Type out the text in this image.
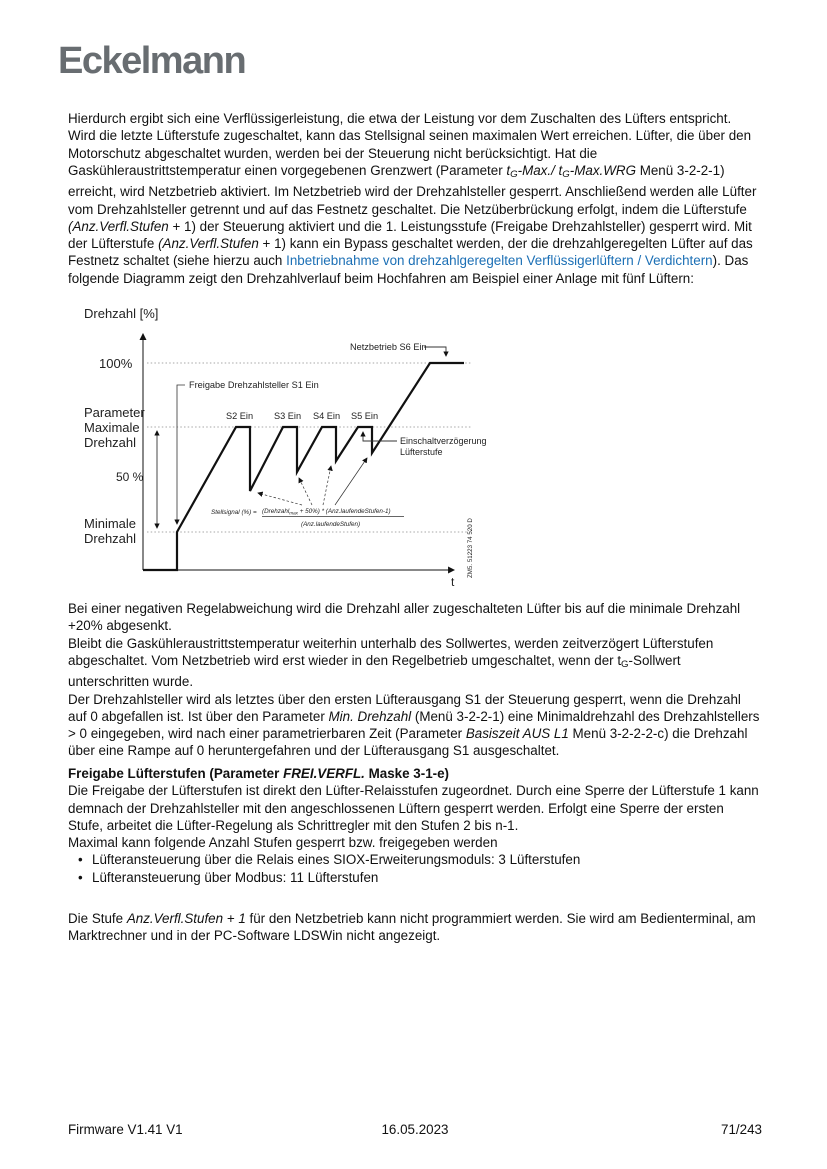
Eckelmann

Hierdurch ergibt sich eine Verflüssigerleistung, die etwa der Leistung vor dem Zuschalten des Lüfters entspricht. Wird die letzte Lüfterstufe zugeschaltet, kann das Stellsignal seinen maximalen Wert erreichen. Lüfter, die über den Motorschutz abgeschaltet wurden, werden bei der Steuerung nicht berücksichtigt. Hat die Gaskühleraustrittstemperatur einen vorgegebenen Grenzwert (Parameter tG-Max./ tG-Max.WRG Menü 3-2-2-1) erreicht, wird Netzbetrieb aktiviert. Im Netzbetrieb wird der Drehzahlsteller gesperrt. Anschließend werden alle Lüfter vom Drehzahlsteller getrennt und auf das Festnetz geschaltet. Die Netzüberbrückung erfolgt, indem die Lüfterstufe (Anz.Verfl.Stufen + 1) der Steuerung aktiviert und die 1. Leistungsstufe (Freigabe Drehzahlsteller) gesperrt wird. Mit der Lüfterstufe (Anz.Verfl.Stufen + 1) kann ein Bypass geschaltet werden, der die drehzahlgeregelten Lüfter auf das Festnetz schaltet (siehe hierzu auch Inbetriebnahme von drehzahlgeregelten Verflüssigerlüftern / Verdichtern). Das folgende Diagramm zeigt den Drehzahlverlauf beim Hochfahren am Beispiel einer Anlage mit fünf Lüftern:

Drehzahl [%]
100%
Parameter
Maximale
Drehzahl
50 %
Minimale
Drehzahl
Freigabe Drehzahlsteller S1 Ein
Netzbetrieb S6 Ein
S2 Ein S3 Ein S4 Ein S5 Ein
Einschaltverzögerung
Lüfterstufe
t
Stellsignal (%) = (Drehzahl$_{max}$ + 50%) * (Anz.laufendeStufen-1)
(Anz.laufendeStufen)	ZM5. 51223 74 520 D

Bei einer negativen Regelabweichung wird die Drehzahl aller zugeschalteten Lüfter bis auf die minimale Drehzahl +20% abgesenkt.

Bleibt die Gaskühleraustrittstemperatur weiterhin unterhalb des Sollwertes, werden zeitverzögert Lüfterstufen abgeschaltet. Vom Netzbetrieb wird erst wieder in den Regelbetrieb umgeschaltet, wenn der tG-Sollwert unterschritten wurde.

Der Drehzahlsteller wird als letztes über den ersten Lüfterausgang S1 der Steuerung gesperrt, wenn die Drehzahl auf 0 abgefallen ist. Ist über den Parameter Min. Drehzahl (Menü 3-2-2-1) eine Minimaldrehzahl des Drehzahlstellers > 0 eingegeben, wird nach einer parametrierbaren Zeit (Parameter Basiszeit AUS L1 Menü 3-2-2-2-c) die Drehzahl über eine Rampe auf 0 heruntergefahren und der Lüfterausgang S1 ausgeschaltet.

Freigabe Lüfterstufen (Parameter FREI.VERFL. Maske 3-1-e)

Die Freigabe der Lüfterstufen ist direkt den Lüfter-Relaisstufen zugeordnet. Durch eine Sperre der Lüfterstufe 1 kann demnach der Drehzahlsteller mit den angeschlossenen Lüftern gesperrt werden. Erfolgt eine Sperre der ersten Stufe, arbeitet die Lüfter-Regelung als Schrittregler mit den Stufen 2 bis n-1.

Maximal kann folgende Anzahl Stufen gesperrt bzw. freigegeben werden

• Lüfteransteuerung über die Relais eines SIOX-Erweiterungsmoduls: 3 Lüfterstufen
• Lüfteransteuerung über Modbus: 11 Lüfterstufen

Die Stufe Anz.Verfl.Stufen + 1 für den Netzbetrieb kann nicht programmiert werden. Sie wird am Bedienterminal, am Marktrechner und in der PC-Software LDSWin nicht angezeigt.

Firmware V1.41 V1	16.05.2023	71/243
